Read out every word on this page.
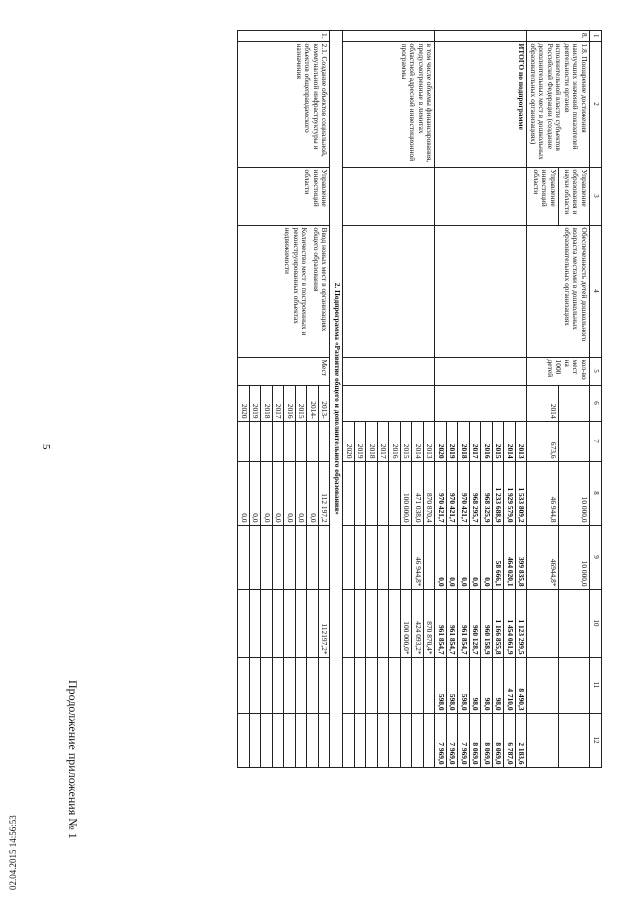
5
Продолжение приложения № 1
1	2	3	4	5	6	7	8	9	10	11	12
8.	1.8. Поощрение достижения наилучших значений показателей деятельности органов исполнительной власти субъектов Российской Федерации (создание дополнительных мест в дошкольных образовательных организациях)	Управление образования и науки области	Обеспеченность детей дошкольного возраста местами в дошкольных образовательных организациях	кол-во мест на 1000 детей			10 000,0	10 000,0			
		Управление инвестиций области			2014	673,6	46 944,8	46944,8*			
	ИТОГО по подпрограмме					2013	1 533 809,2	399 835,8	1 123 299,5	8 490,3	2 183,6
						2014	1 929 579,0	464 020,1	1 454 061,9	4 710,0	6 787,0
						2015	1 233 688,9	58 666,1	1 166 855,8	98,0	8 069,0
						2016	968 325,9	0,0	960 158,9	98,0	8 069,0
						2017	968 295,7	0,0	960 128,7	98,0	8 069,0
						2018	970 421,7	0,0	961 854,7	598,0	7 969,0
						2019	970 421,7	0,0	961 854,7	598,0	7 969,0
						2020	970 421,7	0,0	961 854,7	598,0	7 969,0
	в том числе объемы финансирования, предусмотренные в лимитах областной адресной инвестиционной программы					2013	870 870,4		870 870,4*		
						2014	471 038,0	46 944,8*	424 093,2*		
						2015	100 000,0		100 000,0*		
						2016					
						2017					
						2018					
						2019					
						2020					
2. Подпрограмма «Развитие общего и дополнительного образования»											
1.	2.1. Создание объектов социальной, коммунальной инфраструктуры и объектов общеправдамского назначения	Управление инвестиций области	Ввод новых мест в организациях общего образования
Количество мест в построенных и реконструированных объектах недвижимости	Мест	2013-		112 197,2		112197,2*		
					2014-		0,0				
					2015		0,0				
					2016		0,0				
					2017		0,0				
					2018		0,0				
					2019		0,0				
					2020		0,0				
02.04.2015 14:56:53
